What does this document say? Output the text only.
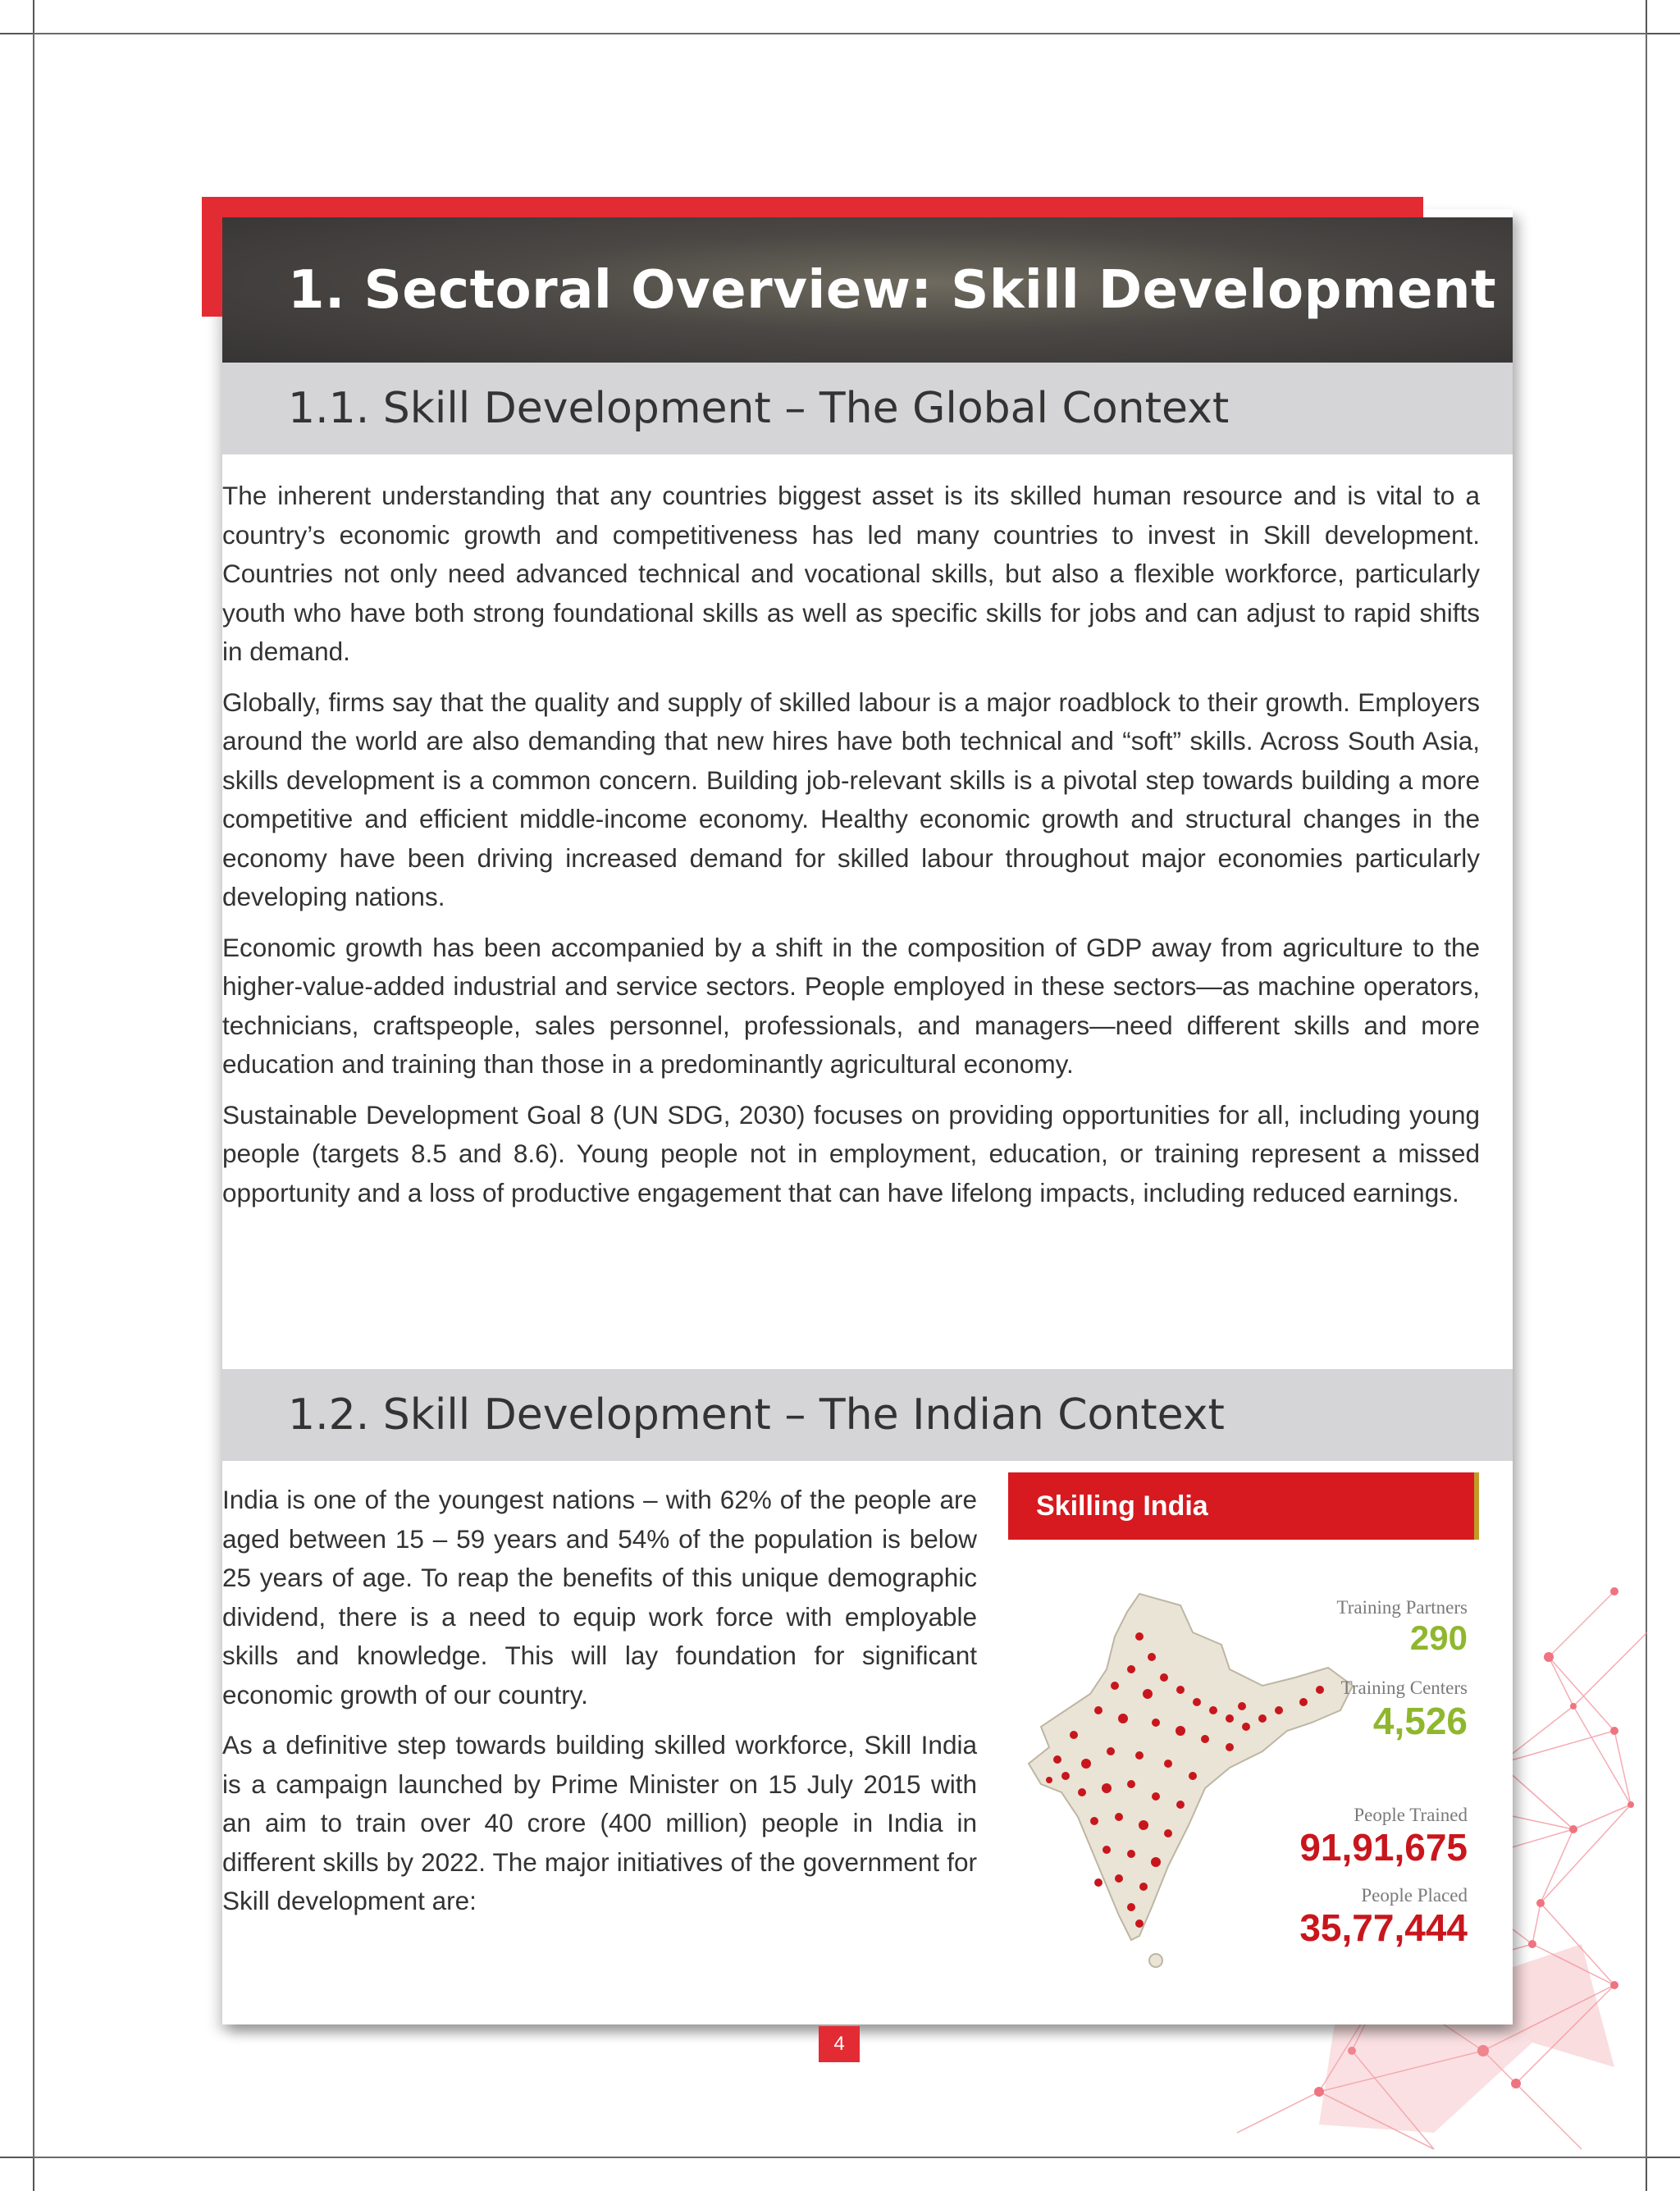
1. Sectoral Overview: Skill Development
1.1. Skill Development – The Global Context

The inherent understanding that any countries biggest asset is its skilled human resource and is vital to a country’s economic growth and competitiveness has led many countries to invest in Skill development. Countries not only need advanced technical and vocational skills, but also a flexible workforce, particularly youth who have both strong foundational skills as well as specific skills for jobs and can adjust to rapid shifts in demand.

Globally, firms say that the quality and supply of skilled labour is a major roadblock to their growth. Employers around the world are also demanding that new hires have both technical and “soft” skills. Across South Asia, skills development is a common concern. Building job-relevant skills is a pivotal step towards building a more competitive and efficient middle-income economy. Healthy economic growth and structural changes in the economy have been driving increased demand for skilled labour throughout major economies particularly developing nations.

Economic growth has been accompanied by a shift in the composition of GDP away from agriculture to the higher-value-added industrial and service sectors. People employed in these sectors—as machine operators, technicians, craftspeople, sales personnel, professionals, and managers—need different skills and more education and training than those in a predominantly agricultural economy.

Sustainable Development Goal 8 (UN SDG, 2030) focuses on providing opportunities for all, including young people (targets 8.5 and 8.6). Young people not in employment, education, or training represent a missed opportunity and a loss of productive engagement that can have lifelong impacts, including reduced earnings.

1.2. Skill Development – The Indian Context

India is one of the youngest nations – with 62% of the people are aged between 15 – 59 years and 54% of the population is below 25 years of age. To reap the benefits of this unique demographic dividend, there is a need to equip work force with employable skills and knowledge. This will lay foundation for significant economic growth of our country.

As a definitive step towards building skilled workforce, Skill India is a campaign launched by Prime Minister on 15 July 2015 with an aim to train over 40 crore (400 million) people in India in different skills by 2022. The major initiatives of the government for Skill development are:

Skilling India
Training Partners
290
Training Centers
4,526
People Trained
91,91,675
People Placed
35,77,444
4
